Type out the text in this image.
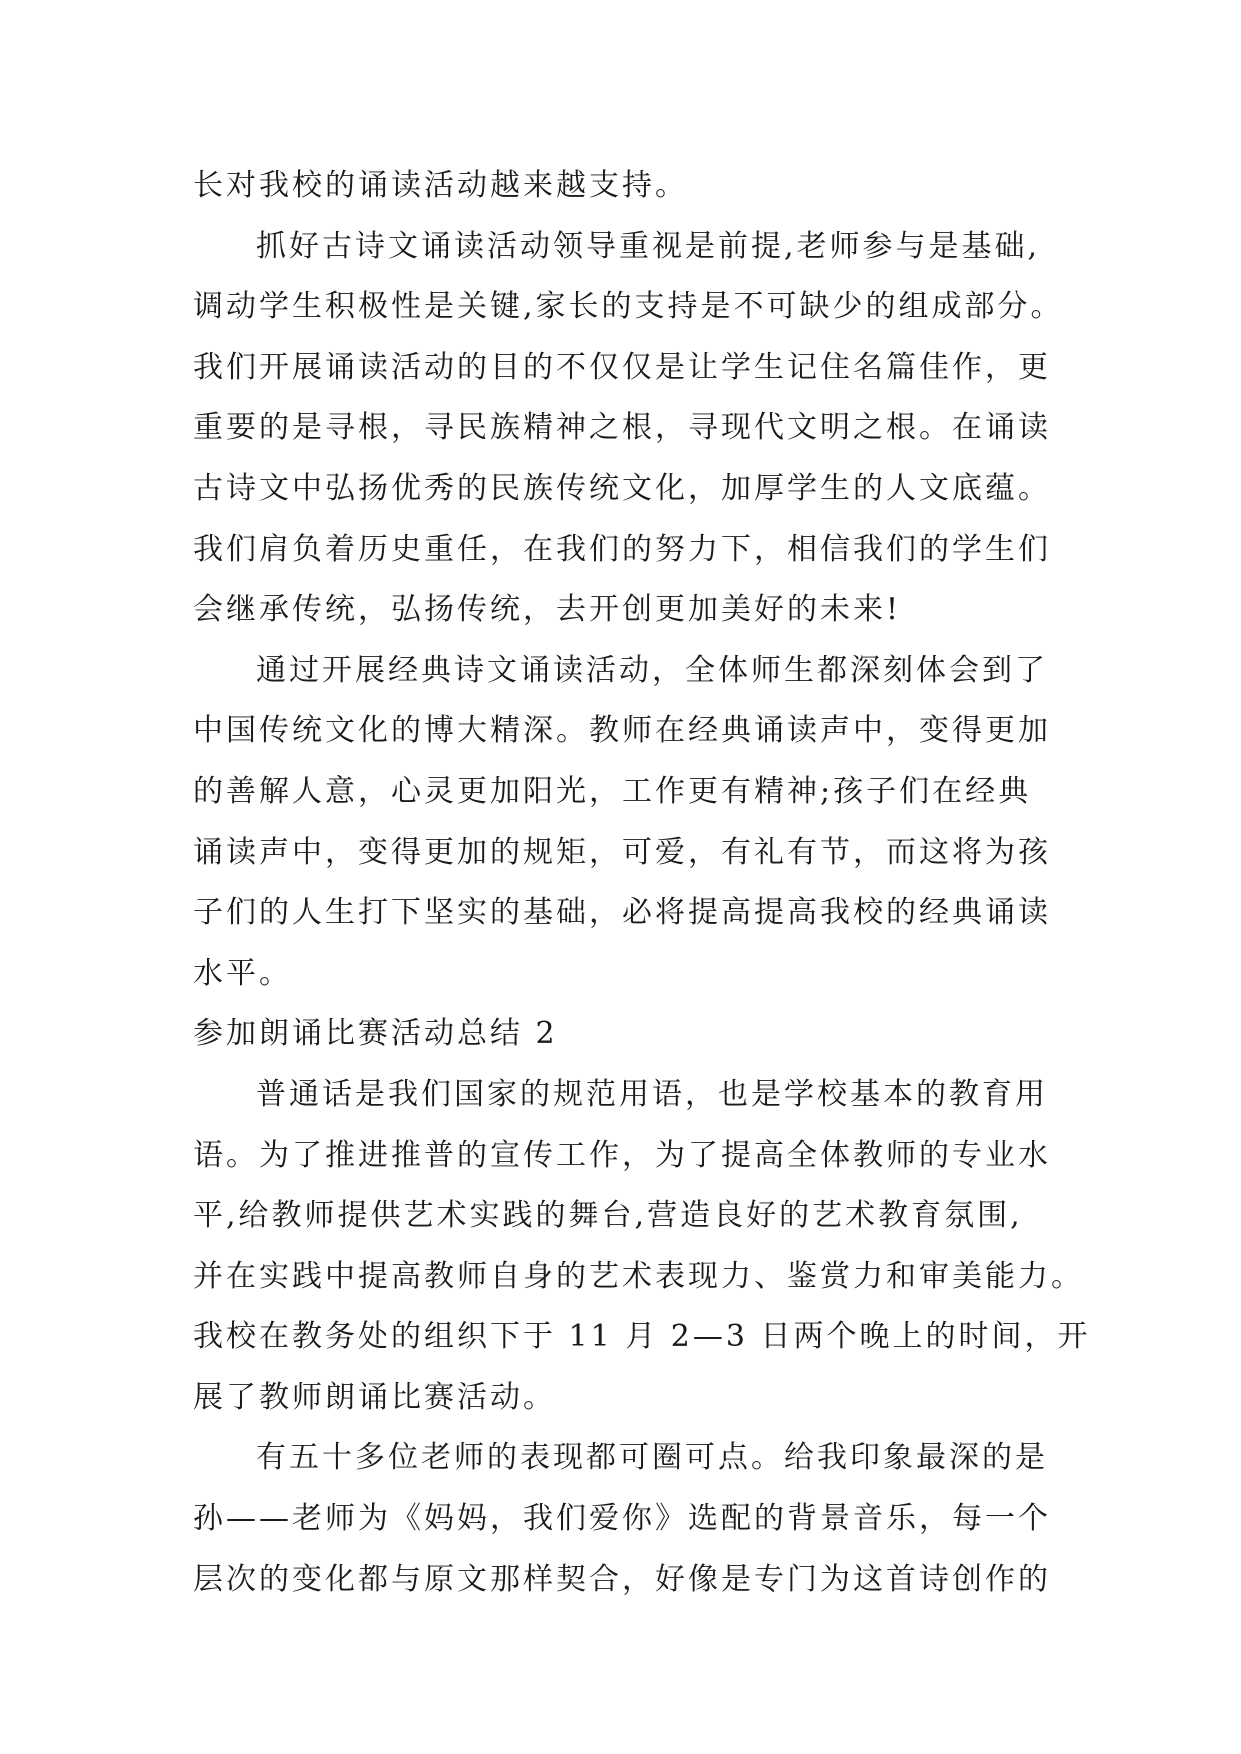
长对我校的诵读活动越来越支持。
抓好古诗文诵读活动领导重视是前提,老师参与是基础,
调动学生积极性是关键,家长的支持是不可缺少的组成部分。
我们开展诵读活动的目的不仅仅是让学生记住名篇佳作，更
重要的是寻根，寻民族精神之根，寻现代文明之根。在诵读
古诗文中弘扬优秀的民族传统文化，加厚学生的人文底蕴。
我们肩负着历史重任，在我们的努力下，相信我们的学生们
会继承传统，弘扬传统，去开创更加美好的未来!
通过开展经典诗文诵读活动，全体师生都深刻体会到了
中国传统文化的博大精深。教师在经典诵读声中，变得更加
的善解人意，心灵更加阳光，工作更有精神;孩子们在经典
诵读声中，变得更加的规矩，可爱，有礼有节，而这将为孩
子们的人生打下坚实的基础，必将提高提高我校的经典诵读
水平。
参加朗诵比赛活动总结 2
普通话是我们国家的规范用语，也是学校基本的教育用
语。为了推进推普的宣传工作，为了提高全体教师的专业水
平,给教师提供艺术实践的舞台,营造良好的艺术教育氛围,
并在实践中提高教师自身的艺术表现力、鉴赏力和审美能力。
我校在教务处的组织下于 11 月 2—3 日两个晚上的时间，开
展了教师朗诵比赛活动。
有五十多位老师的表现都可圈可点。给我印象最深的是
孙——老师为《妈妈，我们爱你》选配的背景音乐，每一个
层次的变化都与原文那样契合，好像是专门为这首诗创作的
